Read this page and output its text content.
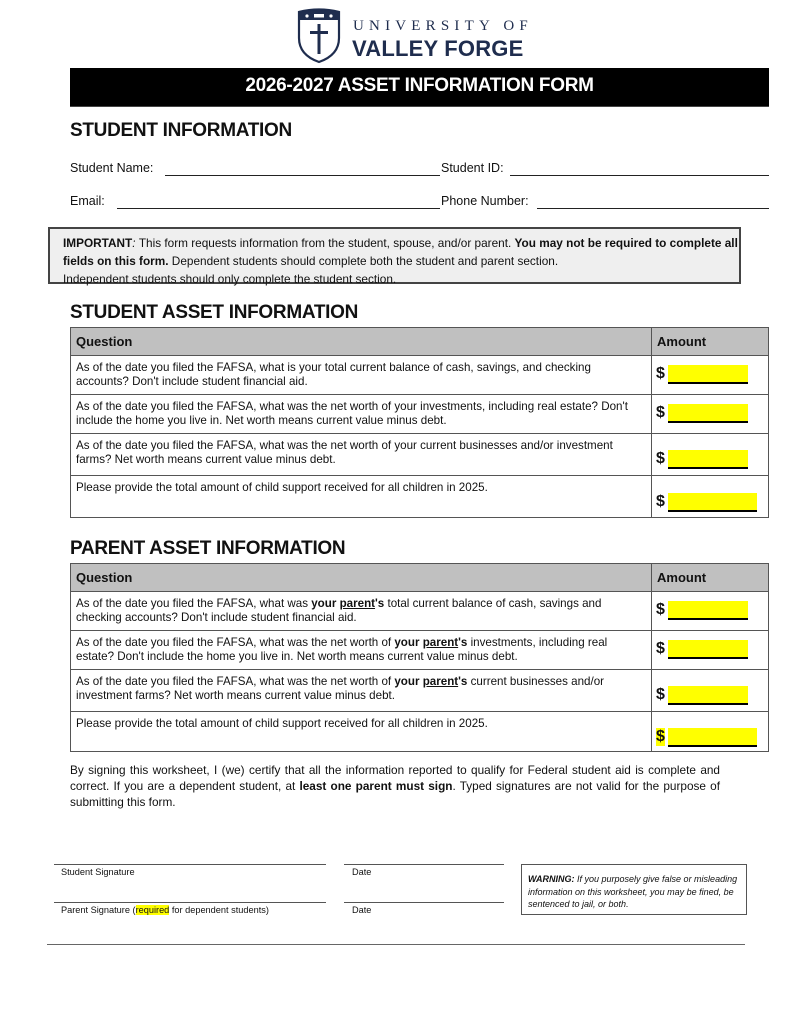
UNIVERSITY OF
VALLEY FORGE
2026-2027 ASSET INFORMATION FORM
STUDENT INFORMATION
Student Name:	Student ID:
Email:	Phone Number:
IMPORTANT: This form requests information from the student, spouse, and/or parent. You may not be required to complete all fields on this form. Dependent students should complete both the student and parent section.
Independent students should only complete the student section.
STUDENT ASSET INFORMATION
Question	Amount
As of the date you filed the FAFSA, what is your total current balance of cash, savings, and checking accounts? Don't include student financial aid.	$

As of the date you filed the FAFSA, what was the net worth of your investments, including real estate? Don't include the home you live in. Net worth means current value minus debt.	$

As of the date you filed the FAFSA, what was the net worth of your current businesses and/or investment farms? Net worth means current value minus debt.	$

Please provide the total amount of child support received for all children in 2025.	$
PARENT ASSET INFORMATION
Question	Amount
As of the date you filed the FAFSA, what was your parent's total current balance of cash, savings and checking accounts? Don't include student financial aid.	$

As of the date you filed the FAFSA, what was the net worth of your parent's investments, including real estate? Don't include the home you live in. Net worth means current value minus debt.	$

As of the date you filed the FAFSA, what was the net worth of your parent's current businesses and/or investment farms? Net worth means current value minus debt.	$

Please provide the total amount of child support received for all children in 2025.	$
By signing this worksheet, I (we) certify that all the information reported to qualify for Federal student aid is complete and correct. If you are a dependent student, at least one parent must sign. Typed signatures are not valid for the purpose of submitting this form.
Student Signature	Date
Parent Signature (required for dependent students)	Date
WARNING: If you purposely give false or misleading information on this worksheet, you may be fined, be sentenced to jail, or both.
